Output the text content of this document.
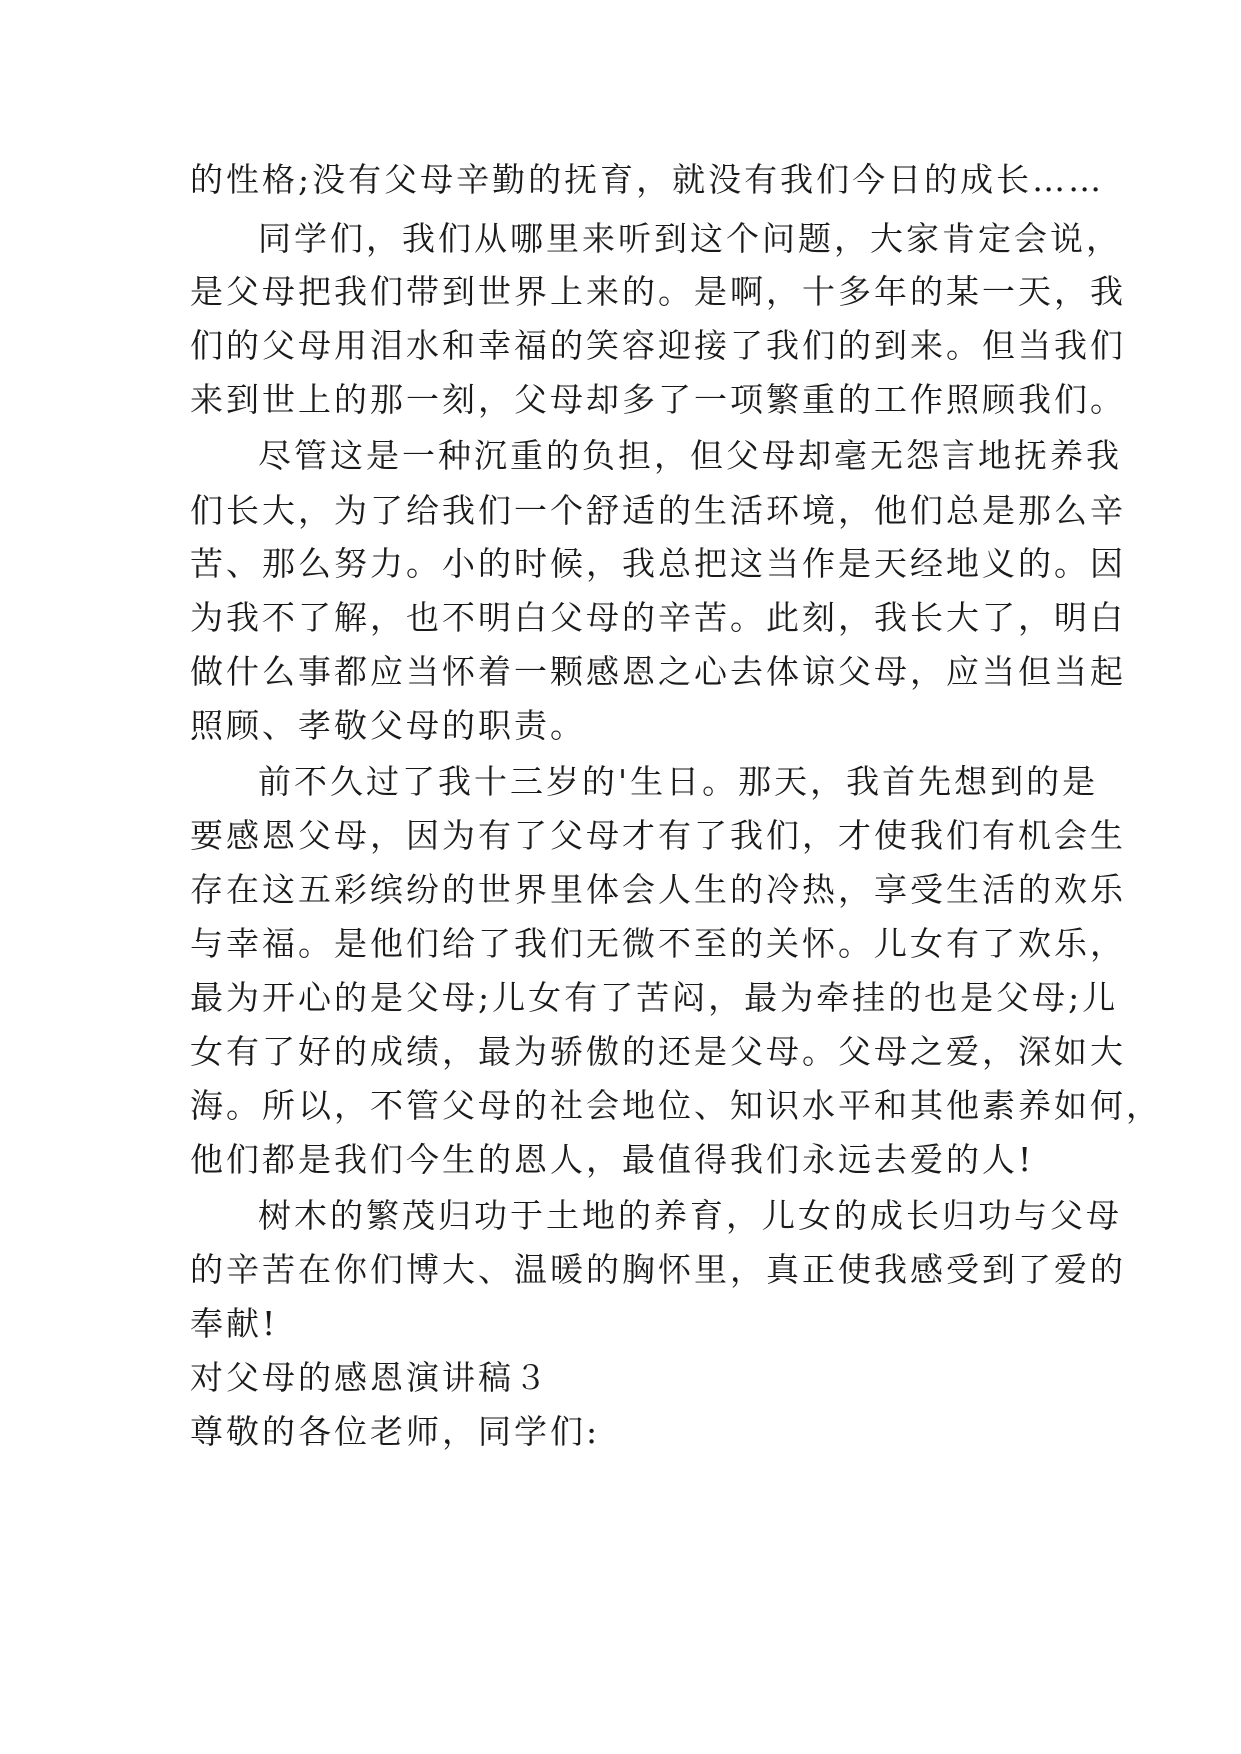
的性格;没有父母辛勤的抚育，就没有我们今日的成长……
同学们，我们从哪里来听到这个问题，大家肯定会说，
是父母把我们带到世界上来的。是啊，十多年的某一天，我
们的父母用泪水和幸福的笑容迎接了我们的到来。但当我们
来到世上的那一刻，父母却多了一项繁重的工作照顾我们。
尽管这是一种沉重的负担，但父母却毫无怨言地抚养我
们长大，为了给我们一个舒适的生活环境，他们总是那么辛
苦、那么努力。小的时候，我总把这当作是天经地义的。因
为我不了解，也不明白父母的辛苦。此刻，我长大了，明白
做什么事都应当怀着一颗感恩之心去体谅父母，应当但当起
照顾、孝敬父母的职责。
前不久过了我十三岁的'生日。那天，我首先想到的是
要感恩父母，因为有了父母才有了我们，才使我们有机会生
存在这五彩缤纷的世界里体会人生的冷热，享受生活的欢乐
与幸福。是他们给了我们无微不至的关怀。儿女有了欢乐，
最为开心的是父母;儿女有了苦闷，最为牵挂的也是父母;儿
女有了好的成绩，最为骄傲的还是父母。父母之爱，深如大
海。所以，不管父母的社会地位、知识水平和其他素养如何，
他们都是我们今生的恩人，最值得我们永远去爱的人!
树木的繁茂归功于土地的养育，儿女的成长归功与父母
的辛苦在你们博大、温暖的胸怀里，真正使我感受到了爱的
奉献!
对父母的感恩演讲稿３
尊敬的各位老师，同学们:
